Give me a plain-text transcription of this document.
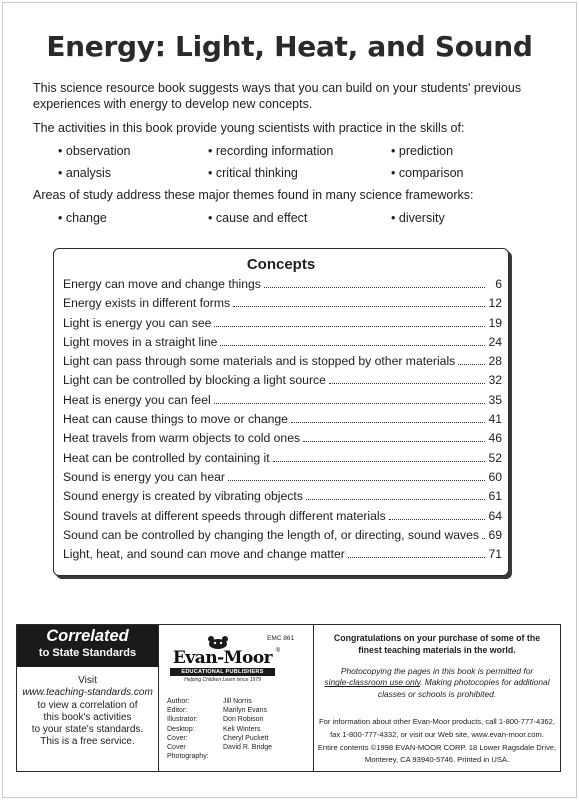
Energy: Light, Heat, and Sound

This science resource book suggests ways that you can build on your students' previous experiences with energy to develop new concepts.

The activities in this book provide young scientists with practice in the skills of:

• observation	• recording information	• prediction
• analysis	• critical thinking	• comparison

Areas of study address these major themes found in many science frameworks:

• change	• cause and effect	• diversity
Concepts
Energy can move and change things	6
Energy exists in different forms	12
Light is energy you can see	19
Light moves in a straight line	24
Light can pass through some materials and is stopped by other materials	28
Light can be controlled by blocking a light source	32
Heat is energy you can feel	35
Heat can cause things to move or change	41
Heat travels from warm objects to cold ones	46
Heat can be controlled by containing it	52
Sound is energy you can hear	60
Sound energy is created by vibrating objects	61
Sound travels at different speeds through different materials	64
Sound can be controlled by changing the length of, or directing, sound waves 69
Light, heat, and sound can move and change matter	71
Correlated
to State Standards
Visit
www.teaching-standards.com
to view a correlation of
this book's activities
to your state's standards.
This is a free service.
Evan-Moor ®
EDUCATIONAL PUBLISHERS
Helping Children Learn since 1979
EMC 861
Author:	Jill Norris
Editor:	Marilyn Evans
Illustrator:	Don Robison
Desktop:	Keli Winters
Cover:	Cheryl Puckett
Cover Photography:
David R. Bridge
Congratulations on your purchase of some of the
finest teaching materials in the world.
Photocopying the pages in this book is permitted for
single-classroom use only. Making photocopies for additional
classes or schools is prohibited.
For information about other Evan-Moor products, call 1-800-777-4362,
fax 1-800-777-4332, or visit our Web site, www.evan-moor.com.
Entire contents ©1998 EVAN-MOOR CORP. 18 Lower Ragsdale Drive,
Monterey, CA 93940-5746. Printed in USA.
